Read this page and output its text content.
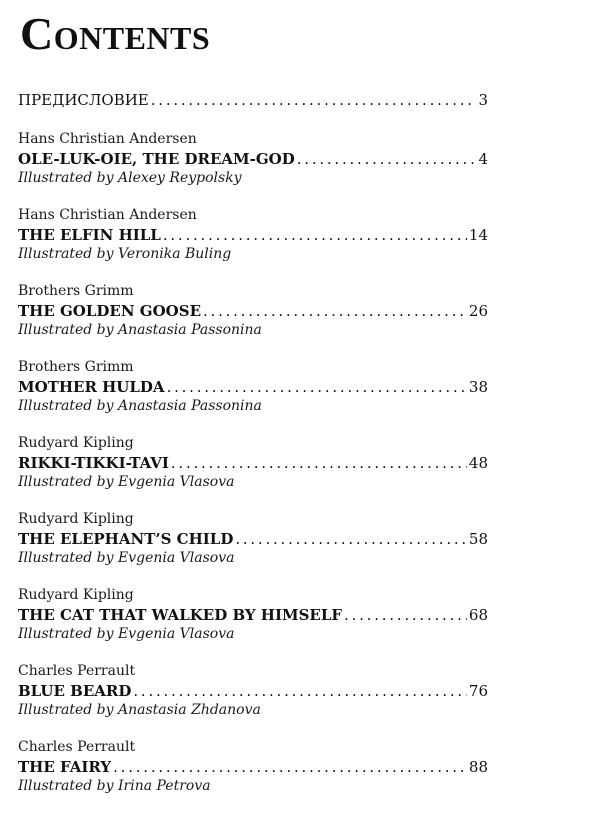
Contents
ПРЕДИСЛОВИЕ . . .	3
Hans Christian Andersen
OLE-LUK-OIE, THE DREAM-GOD . . .	4
Illustrated by Alexey Reypolsky
Hans Christian Andersen
THE ELFIN HILL . . .	14
Illustrated by Veronika Buling
Brothers Grimm
THE GOLDEN GOOSE . . .	26
Illustrated by Anastasia Passonina
Brothers Grimm
MOTHER HULDA . . .	38
Illustrated by Anastasia Passonina
Rudyard Kipling
RIKKI-TIKKI-TAVI . . .	48
Illustrated by Evgenia Vlasova
Rudyard Kipling
THE ELEPHANT’S CHILD . . .	58
Illustrated by Evgenia Vlasova
Rudyard Kipling
THE CAT THAT WALKED BY HIMSELF . . .	68
Illustrated by Evgenia Vlasova
Charles Perrault
BLUE BEARD . . .	76
Illustrated by Anastasia Zhdanova
Charles Perrault
THE FAIRY . . .	88
Illustrated by Irina Petrova
